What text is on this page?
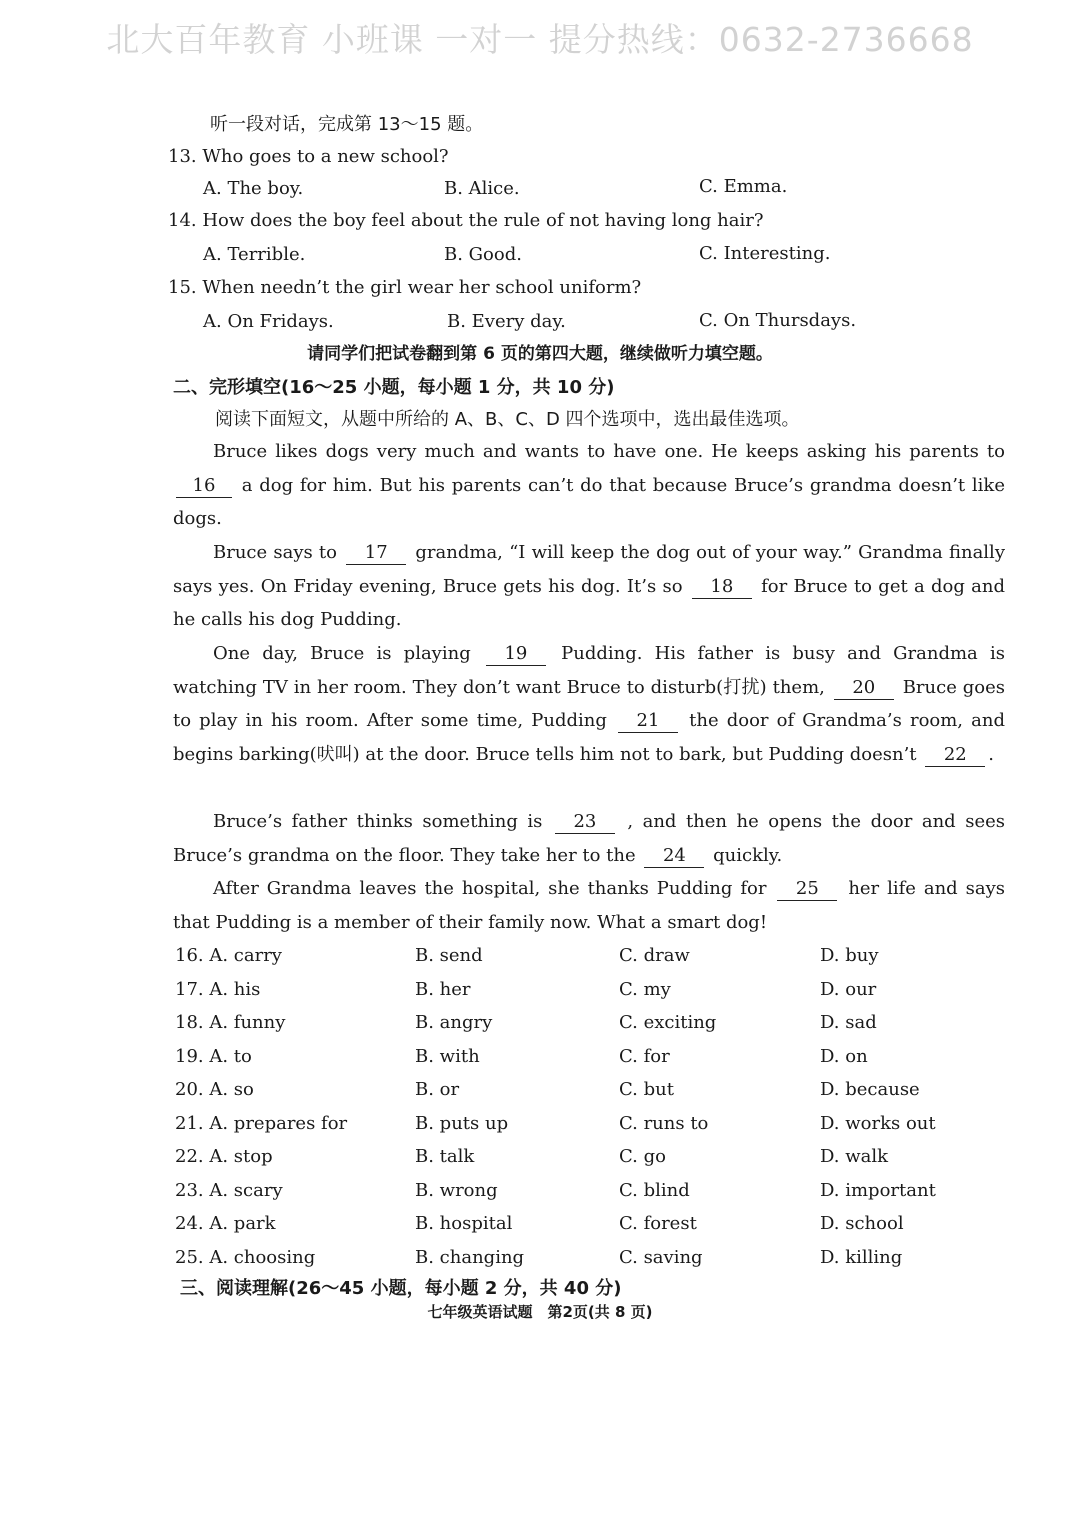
北大百年教育 小班课 一对一 提分热线：0632-2736668
听一段对话，完成第 13～15 题。
13. Who goes to a new school?
A. The boy.	B. Alice.	C. Emma.
14. How does the boy feel about the rule of not having long hair?
A. Terrible.	B. Good.	C. Interesting.
15. When needn’t the girl wear her school uniform?
A. On Fridays.	B. Every day.	C. On Thursdays.
请同学们把试卷翻到第 6 页的第四大题，继续做听力填空题。
二、完形填空(16～25 小题，每小题 1 分，共 10 分)
阅读下面短文，从题中所给的 A、B、C、D 四个选项中，选出最佳选项。
Bruce likes dogs very much and wants to have one. He keeps asking his parents to 16 a dog for him. But his parents can’t do that because Bruce’s grandma doesn’t like dogs.
Bruce says to 17 grandma, “I will keep the dog out of your way.” Grandma finally says yes. On Friday evening, Bruce gets his dog. It’s so 18 for Bruce to get a dog and he calls his dog Pudding.
One day, Bruce is playing 19 Pudding. His father is busy and Grandma is watching TV in her room. They don’t want Bruce to disturb(打扰) them, 20 Bruce goes to play in his room. After some time, Pudding 21 the door of Grandma’s room, and begins barking(吠叫) at the door. Bruce tells him not to bark, but Pudding doesn’t 22 .
Bruce’s father thinks something is 23 , and then he opens the door and sees Bruce’s grandma on the floor. They take her to the 24 quickly.
After Grandma leaves the hospital, she thanks Pudding for 25 her life and says that Pudding is a member of their family now. What a smart dog!
16. A. carry	B. send	C. draw	D. buy
17. A. his	B. her	C. my	D. our
18. A. funny	B. angry	C. exciting	D. sad
19. A. to	B. with	C. for	D. on
20. A. so	B. or	C. but	D. because
21. A. prepares for	B. puts up	C. runs to	D. works out
22. A. stop	B. talk	C. go	D. walk
23. A. scary	B. wrong	C. blind	D. important
24. A. park	B. hospital	C. forest	D. school
25. A. choosing	B. changing	C. saving	D. killing
三、阅读理解(26～45 小题，每小题 2 分，共 40 分)
七年级英语试题　第2页(共 8 页)
